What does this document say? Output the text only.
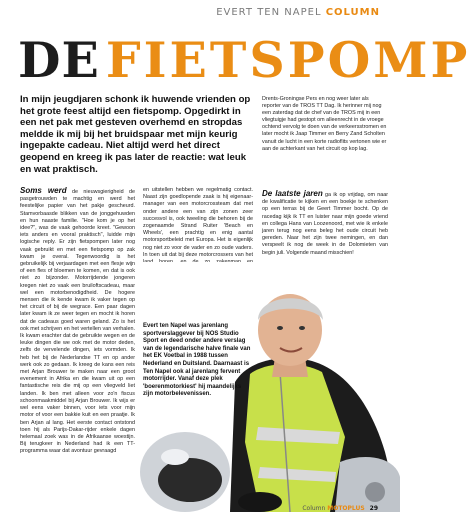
EVERT TEN NAPEL COLUMN
DE FIETSPOMP

In mijn jeugdjaren schonk ik huwende vrienden op het grote feest altijd een fietspomp. Opgedirkt in een net pak met gesteven overhemd en stropdas meldde ik mij bij het bruidspaar met mijn keurig ingepakte cadeau. Niet altijd werd het direct geopend en kreeg ik pas later de reactie: wat leuk en wat praktisch.

Drents-Groningse Pers en nog weer later als reporter van de TROS TT Dag. Ik herinner mij nog een zaterdag dat de chef van de TROS mij in een vliegtuigje had gestopt om alleenrecht in de vroege ochtend vervolg te doen van de verkeersstromen en later mocht ik Jaap Timmer en Berry Zand Scholten vanuit de lucht in een korte radioflits vertonen wie er aan de achterkant van het circuit op kop lag.

Soms werd de nieuwsgierigheid de pasgetrouwden te machtig en werd het feestelijke papier van het pakje gescheurd. Stamvorbaasde blikken van de jonggehuwden en hun naaste familie. "Hoe kom je op het idee?", was de vaak gehoorde kreet. "Gewoon iets anders en vooral praktisch", luidde mijn logische reply. Er zijn fietspompen later nog vaak gebruikt en met een fietspomp op zak kwam je overal. Tegenwoordig is het gebruikelijk bij verjaardagen met een flesje wijn of een fles of bloemen te komen, en dat is ook niet zo bijzonder. Motorrijdende jongeren kregen niet zo vaak een bruiloftscadeau, maar wel een motorbenodigdheid. De hogere mensen die ik kende kwam ik vaker tegen op het circuit of bij de wegrace. Een paar dagen later kwam ik ze weer tegen en mocht ik horen dat de cadeaus goed waren geland. Zo is het ook met schrijven en het vertellen van verhalen. Ik kwam erachter dat de gebruikte wegen en de leuke dingen die we ook met de motor deden, zelfs de vervelende dingen, iets vormden. Ik heb het bij de Nederlandse TT en op ander werk ook zo gedaan. Ik kreeg de kans een reis met Arjan Brouwer te maken naar een groot evenement in Afrika en die kwam uit op een fantastische reis die mij op een vliegveld liet landen. Ik ben met alleen voor zo'n fiscus schoonmaakmiddel bij Arjan Brouwer. Ik wijs er wel eens vaker binnen, voor iets voor mijn motor of voor een bakkie kuit en een praatje. Ik ben Arjan al lang. Het eerste contact ontstond toen hij als Parijs-Dakar-rijder enkele dagen helemaal zoek was in de Afrikaanse woestijn. Bij terugkeer in Nederland had ik een TT-programma waar dat avontuur gevraagd

en uitstellen hebben we regelmatig contact. Naast zijn goedlopende zaak is hij eigenaar-manager van een motorcrossteam dat met onder andere een van zijn zonen zeer succesvol is, ook tweeling die behoren bij de zogenaamde Strand Ruiter 'Beach en Wheels', een prachtig en enig aantal motorsportbeleid met Europa. Het is eigenlijk nog niet zo voor de vader en zo oude vaders. In toen uit dat bij deze motorcrossers van het

De laatste jaren ga ik op vrijdag, om naar de kwalificatie te kijken en een boekje te schenken op een terras bij de Geert Timmer bocht. Op de racedag kijk ik TT en luister naar mijn goede vriend en collega Hans van Loozenoord, met wie ik enkele jaren terug nog eens beleg het oude circuit heb gereden. Naar het zijn twee nemingen, en dan verspeelt ik nog de week in de Dolomieten van begin juli. Volgende maand misschien!

Evert ten Napel was jarenlang sportverslaggever bij NOS Studio Sport en deed onder andere verslag van de legendarische halve finale van het EK Voetbal in 1988 tussen Nederland en Duitsland. Daarnaast is Ten Napel ook al jarenlang fervent motorrijder. Vanaf deze plek 'boerenmotorkiest' hij maandelijks zijn motorbelevenissen.

Column MOTOPLUS 29
